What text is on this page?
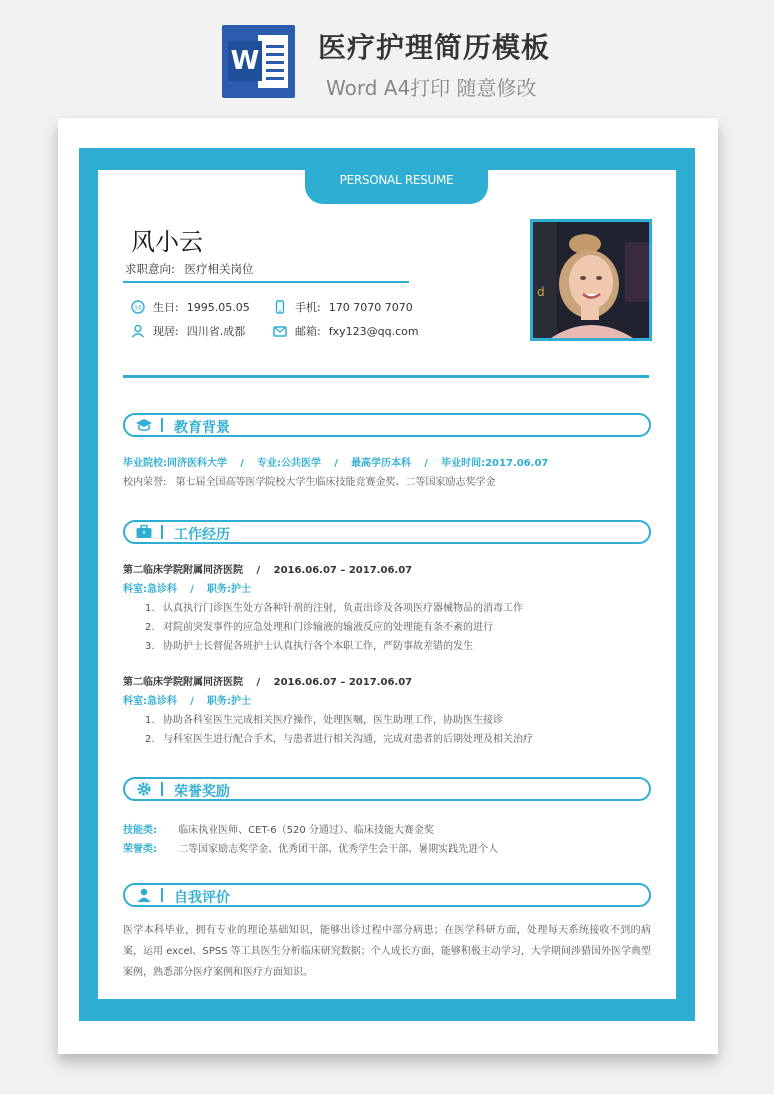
W 医疗护理简历模板
Word A4打印 随意修改
PERSONAL RESUME
风小云
求职意向: 医疗相关岗位
16 生日: 1995.05.05	手机: 170 7070 7070
现居: 四川省.成都	邮箱: fxy123@qq.com
d
教育背景
毕业院校:同济医科大学 / 专业:公共医学 / 最高学历本科 / 毕业时间:2017.06.07
校内荣誉: 第七届全国高等医学院校大学生临床技能竞赛金奖、二等国家励志奖学金
工作经历
第二临床学院附属同济医院 / 2016.06.07 – 2017.06.07
科室:急诊科 / 职务:护士
1. 认真执行门诊医生处方各种针剂的注射，负责出诊及各项医疗器械物品的消毒工作
2. 对院前突发事件的应急处理和门诊输液的输液反应的处理能有条不紊的进行
3. 协助护士长督促各班护士认真执行各个本职工作，严防事故差错的发生
第二临床学院附属同济医院 / 2016.06.07 – 2017.06.07
科室:急诊科 / 职务:护士
1. 协助各科室医生完成相关医疗操作，处理医嘱，医生助理工作，协助医生接诊
2. 与科室医生进行配合手术，与患者进行相关沟通，完成对患者的后期处理及相关治疗
荣誉奖励
技能类: 临床执业医师、CET-6（520 分通过）、临床技能大赛金奖
荣誉类: 二等国家励志奖学金、优秀团干部、优秀学生会干部、暑期实践先进个人
自我评价
医学本科毕业，拥有专业的理论基础知识，能够出诊过程中部分病患；在医学科研方面，处理每天系统接收不到的病案，运用 excel、SPSS 等工具医生分析临床研究数据；个人成长方面，能够积极主动学习，大学期间涉猎国外医学典型案例，熟悉部分医疗案例和医疗方面知识。
